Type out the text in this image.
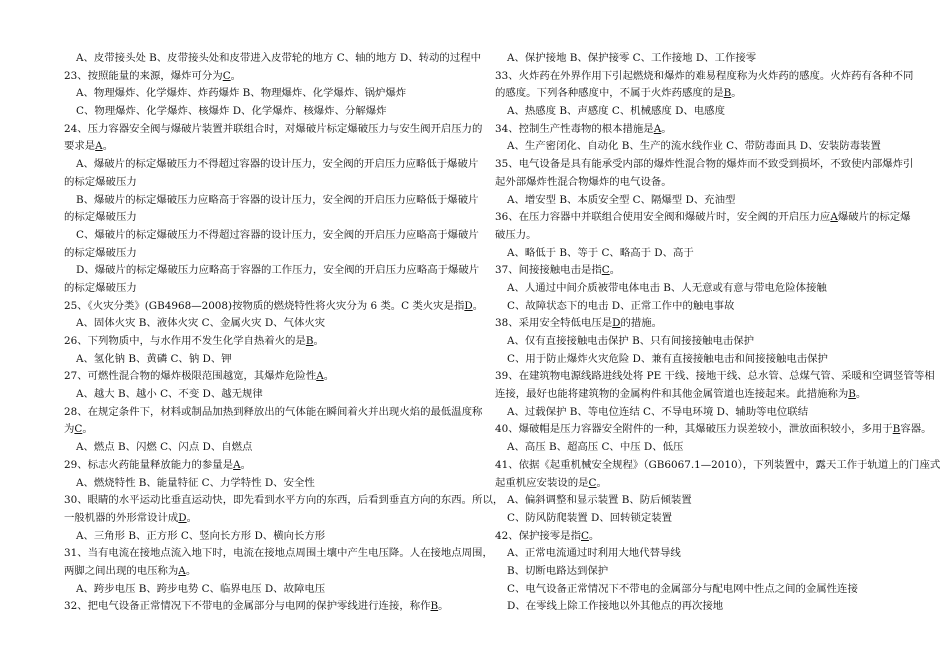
A、皮带接头处 B、皮带接头处和皮带进入皮带轮的地方 C、轴的地方 D、转动的过程中
23、按照能量的来源，爆炸可分为C。
A、物理爆炸、化学爆炸、炸药爆炸 B、物理爆炸、化学爆炸、锅炉爆炸
C、物理爆炸、化学爆炸、核爆炸 D、化学爆炸、核爆炸、分解爆炸
24、压力容器安全阀与爆破片装置并联组合时，对爆破片标定爆破压力与安生阀开启压力的
要求是A。
A、爆破片的标定爆破压力不得超过容器的设计压力，安全阀的开启压力应略低于爆破片
的标定爆破压力
B、爆破片的标定爆破压力应略高于容器的设计压力，安全阀的开启压力应略低于爆破片
的标定爆破压力
C、爆破片的标定爆破压力不得超过容器的设计压力，安全阀的开启压力应略高于爆破片
的标定爆破压力
D、爆破片的标定爆破压力应略高于容器的工作压力，安全阀的开启压力应略高于爆破片
的标定爆破压力
25、《火灾分类》(GB4968—2008)按物质的燃烧特性将火灾分为 6 类。C 类火灾是指D。
A、固体火灾 B、液体火灾 C、金属火灾 D、气体火灾
26、下列物质中，与水作用不发生化学自热着火的是B。
A、氢化钠 B、黄磷 C、钠 D、钾
27、可燃性混合物的爆炸极限范围越宽，其爆炸危险性A。
A、越大 B、越小 C、不变 D、越无规律
28、在规定条件下，材料或制品加热到释放出的气体能在瞬间着火并出现火焰的最低温度称
为C。
A、燃点 B、闪燃 C、闪点 D、自燃点
29、标志火药能量释放能力的参量是A。
A、燃烧特性 B、能量特征 C、力学特性 D、安全性
30、眼睛的水平运动比垂直运动快，即先看到水平方向的东西，后看到垂直方向的东西。所以，
一般机器的外形常设计成D。
A、三角形 B、正方形 C、竖向长方形 D、横向长方形
31、当有电流在接地点流入地下时，电流在接地点周围土壤中产生电压降。人在接地点周围，
两脚之间出现的电压称为A。
A、跨步电压 B、跨步电势 C、临界电压 D、故障电压
32、把电气设备正常情况下不带电的金属部分与电网的保护零线进行连接，称作B。
A、保护接地 B、保护接零 C、工作接地 D、工作接零
33、火炸药在外界作用下引起燃烧和爆炸的难易程度称为火炸药的感度。火炸药有各种不同
的感度。下列各种感度中，不属于火炸药感度的是B。
A、热感度 B、声感度 C、机械感度 D、电感度
34、控制生产性毒物的根本措施是A。
A、生产密闭化、自动化 B、生产的流水线作业 C、带防毒面具 D、安装防毒装置
35、电气设备是具有能承受内部的爆炸性混合物的爆炸而不致受到损坏，不致使内部爆炸引
起外部爆炸性混合物爆炸的电气设备。
A、增安型 B、本质安全型 C、隔爆型 D、充油型
36、在压力容器中并联组合使用安全阀和爆破片时，安全阀的开启压力应A爆破片的标定爆
破压力。
A、略低于 B、等于 C、略高于 D、高于
37、间接接触电击是指C。
A、人通过中间介质被带电体电击 B、人无意或有意与带电危险体接触
C、故障状态下的电击 D、正常工作中的触电事故
38、采用安全特低电压是D的措施。
A、仅有直接接触电击保护 B、只有间接接触电击保护
C、用于防止爆炸火灾危险 D、兼有直接接触电击和间接接触电击保护
39、在建筑物电源线路进线处将 PE 干线、接地干线、总水管、总煤气管、采暖和空调竖管等相
连接，最好也能将建筑物的金属构件和其他金属管道也连接起来。此措施称为B。
A、过载保护 B、等电位连结 C、不导电环境 D、辅助等电位联结
40、爆破帽是压力容器安全附件的一种，其爆破压力误差较小，泄放面积较小，多用于B容器。
A、高压 B、超高压 C、中压 D、低压
41、依据《起重机械安全规程》（GB6067.1—2010），下列装置中，露天工作于轨道上的门座式
起重机应安装设的是C。
A、偏斜调整和显示装置 B、防后倾装置
C、防风防爬装置 D、回转锁定装置
42、保护接零是指C。
A、正常电流通过时利用大地代替导线
B、切断电路达到保护
C、电气设备正常情况下不带电的金属部分与配电网中性点之间的金属性连接
D、在零线上除工作接地以外其他点的再次接地
